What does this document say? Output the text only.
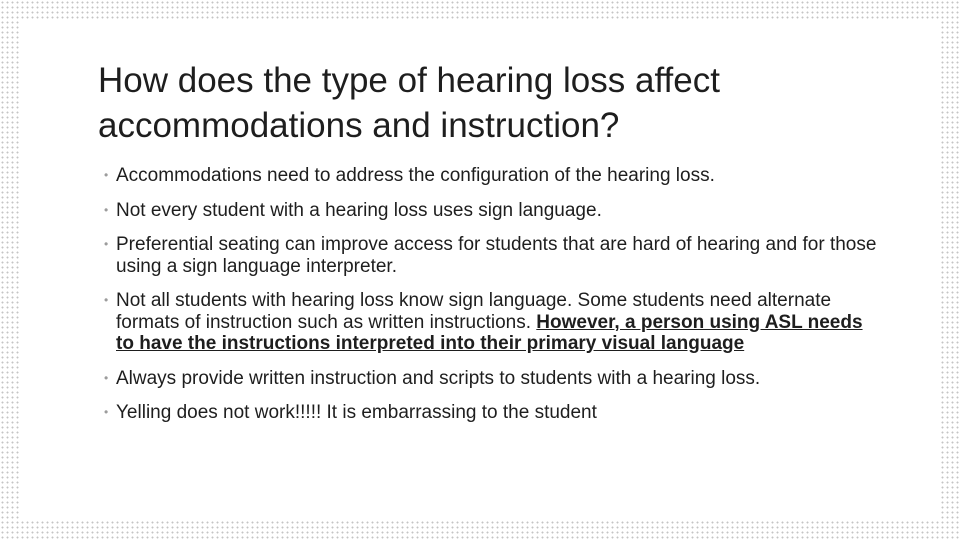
How does the type of hearing loss affect accommodations and instruction?
• Accommodations need to address the configuration of the hearing loss.
• Not every student with a hearing loss uses sign language.
• Preferential seating can improve access for students that are hard of hearing and for those using a sign language interpreter.
• Not all students with hearing loss know sign language. Some students need alternate formats of instruction such as written instructions. However, a person using ASL needs to have the instructions interpreted into their primary visual language
• Always provide written instruction and scripts to students with a hearing loss.
• Yelling does not work!!!!! It is embarrassing to the student
